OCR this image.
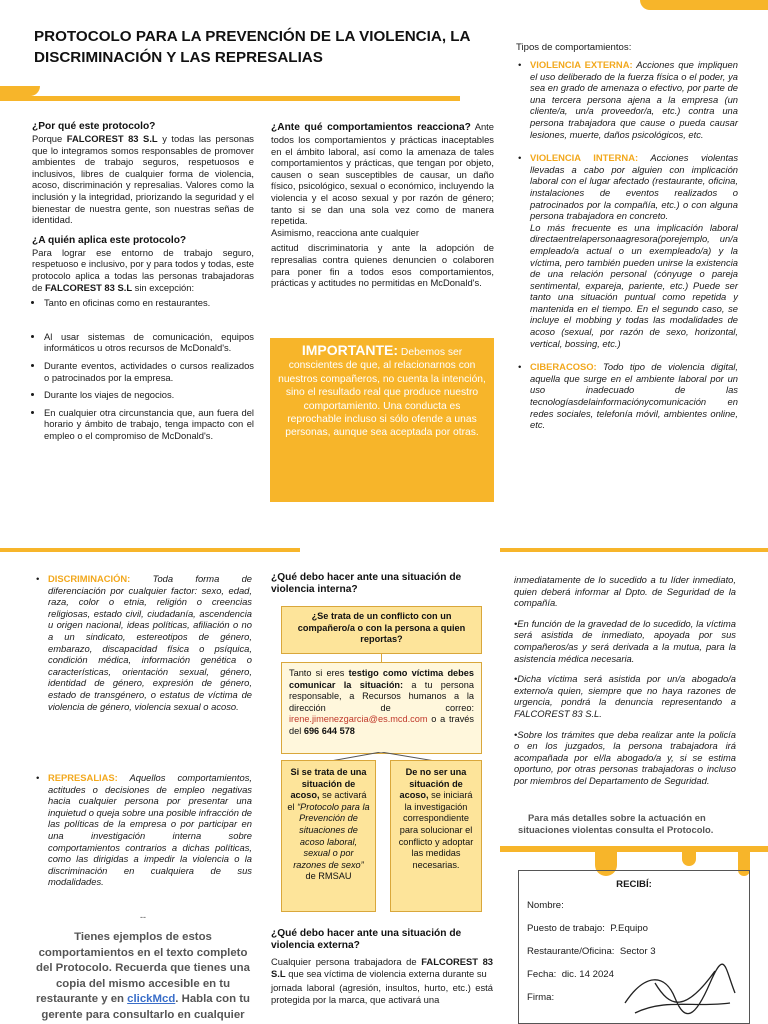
PROTOCOLO PARA LA PREVENCIÓN DE LA VIOLENCIA, LA DISCRIMINACIÓN Y LAS REPRESALIAS
¿Por qué este protocolo?
Porque FALCOREST 83 S.L y todas las personas que lo integramos somos responsables de promover ambientes de trabajo seguros, respetuosos e inclusivos, libres de cualquier forma de violencia, acoso, discriminación y represalias. Valores como la inclusión y la integridad, priorizando la seguridad y el bienestar de nuestra gente, son nuestras señas de identidad.
¿A quién aplica este protocolo?
Para lograr ese entorno de trabajo seguro, respetuoso e inclusivo, por y para todos y todas, este protocolo aplica a todas las personas trabajadoras de FALCOREST 83 S.L sin excepción:
• Tanto en oficinas como en restaurantes.
• Al usar sistemas de comunicación, equipos informáticos u otros recursos de McDonald's.
• Durante eventos, actividades o cursos realizados o patrocinados por la empresa.
• Durante los viajes de negocios.
• En cualquier otra circunstancia que, aun fuera del horario y ámbito de trabajo, tenga impacto con el empleo o el compromiso de McDonald's.
¿Ante qué comportamientos reacciona? Ante todos los comportamientos y prácticas inaceptables en el ámbito laboral, así como la amenaza de tales comportamientos y prácticas, que tengan por objeto, causen o sean susceptibles de causar, un daño físico, psicológico, sexual o económico, incluyendo la violencia y el acoso sexual y por razón de género; tanto si se dan una sola vez como de manera repetida.
Asimismo, reacciona ante cualquier
actitud discriminatoria y ante la adopción de represalias contra quienes denuncien o colaboren para poner fin a todos esos comportamientos, prácticas y actitudes no permitidas en McDonald's.
IMPORTANTE: Debemos ser conscientes de que, al relacionarnos con nuestros compañeros, no cuenta la intención, sino el resultado real que produce nuestro comportamiento. Una conducta es reprochable incluso si sólo ofende a unas personas, aunque sea aceptada por otras.
Tipos de comportamientos:
• VIOLENCIA EXTERNA: Acciones que impliquen el uso deliberado de la fuerza física o el poder, ya sea en grado de amenaza o efectivo, por parte de una tercera persona ajena a la empresa (un cliente/a, un/a proveedor/a, etc.) contra una persona trabajadora que cause o pueda causar lesiones, muerte, daños psicológicos, etc.
• VIOLENCIA INTERNA: Acciones violentas llevadas a cabo por alguien con implicación laboral con el lugar afectado (restaurante, oficina, instalaciones de eventos realizados o patrocinados por la compañía, etc.) o con alguna persona trabajadora en concreto.
Lo más frecuente es una implicación laboral directaentrelapersonaagresora(porejemplo, un/a empleado/a actual o un exempleado/a) y la víctima, pero también pueden unirse la existencia de una relación personal (cónyuge o pareja sentimental, expareja, pariente, etc.) Puede ser tanto una situación puntual como repetida y mantenida en el tiempo. En el segundo caso, se incluye el mobbing y todas las modalidades de acoso (sexual, por razón de sexo, horizontal, vertical, bossing, etc.)
• CIBERACOSO: Todo tipo de violencia digital, aquella que surge en el ambiente laboral por un uso inadecuado de las tecnologíasdelainformaciónycomunicación en redes sociales, telefonía móvil, ambientes online, etc.
• DISCRIMINACIÓN: Toda forma de diferenciación por cualquier factor: sexo, edad, raza, color o etnia, religión o creencias religiosas, estado civil, ciudadanía, ascendencia u origen nacional, ideas políticas, afiliación o no a un sindicato, estereotipos de género, embarazo, discapacidad física o psíquica, condición médica, información genética o características, orientación sexual, género, identidad de género, expresión de género, estado de transgénero, o estatus de víctima de violencia de género, violencia sexual o acoso.
• REPRESALIAS: Aquellos comportamientos, actitudes o decisiones de empleo negativas hacia cualquier persona por presentar una inquietud o queja sobre una posible infracción de las políticas de la empresa o por participar en una investigación interna sobre comportamientos contrarios a dichas políticas, como las dirigidas a impedir la violencia o la discriminación en cualquiera de sus modalidades.
--
Tienes ejemplos de estos comportamientos en el texto completo del Protocolo. Recuerda que tienes una copia del mismo accesible en tu restaurante y en clickMcd. Habla con tu gerente para consultarlo en cualquier
¿Qué debo hacer ante una situación de violencia interna?
¿Se trata de un conflicto con un compañero/a o con la persona a quien reportas?
Tanto si eres testigo como víctima debes comunicar la situación: a tu persona responsable, a Recursos humanos a la dirección de correo: irene.jimenezgarcia@es.mcd.com o a través del 696 644 578
Si se trata de una situación de acoso, se activará el “Protocolo para la Prevención de situaciones de acoso laboral, sexual o por razones de sexo” de RMSAU
De no ser una situación de acoso, se iniciará la investigación correspondiente para solucionar el conflicto y adoptar las medidas necesarias.
¿Qué debo hacer ante una situación de violencia externa?
Cualquier persona trabajadora de FALCOREST 83 S.L que sea víctima de violencia externa durante su
jornada laboral (agresión, insultos, hurto, etc.) está protegida por la marca, que activará una
inmediatamente de lo sucedido a tu líder inmediato, quien deberá informar al Dpto. de Seguridad de la compañía.
•En función de la gravedad de lo sucedido, la víctima será asistida de inmediato, apoyada por sus compañeros/as y será derivada a la mutua, para la asistencia médica necesaria.
•Dicha víctima será asistida por un/a abogado/a externo/a quien, siempre que no haya razones de urgencia, pondrá la denuncia representando a FALCOREST 83 S.L.
•Sobre los trámites que deba realizar ante la policía o en los juzgados, la persona trabajadora irá acompañada por el/la abogado/a y, si se estima oportuno, por otras personas trabajadoras o incluso por miembros del Departamento de Seguridad.
Para más detalles sobre la actuación en situaciones violentas consulta el Protocolo.
RECIBÍ:
Nombre:
Puesto de trabajo: P.Equipo
Restaurante/Oficina: Sector 3
Fecha: dic. 14 2024
Firma:
